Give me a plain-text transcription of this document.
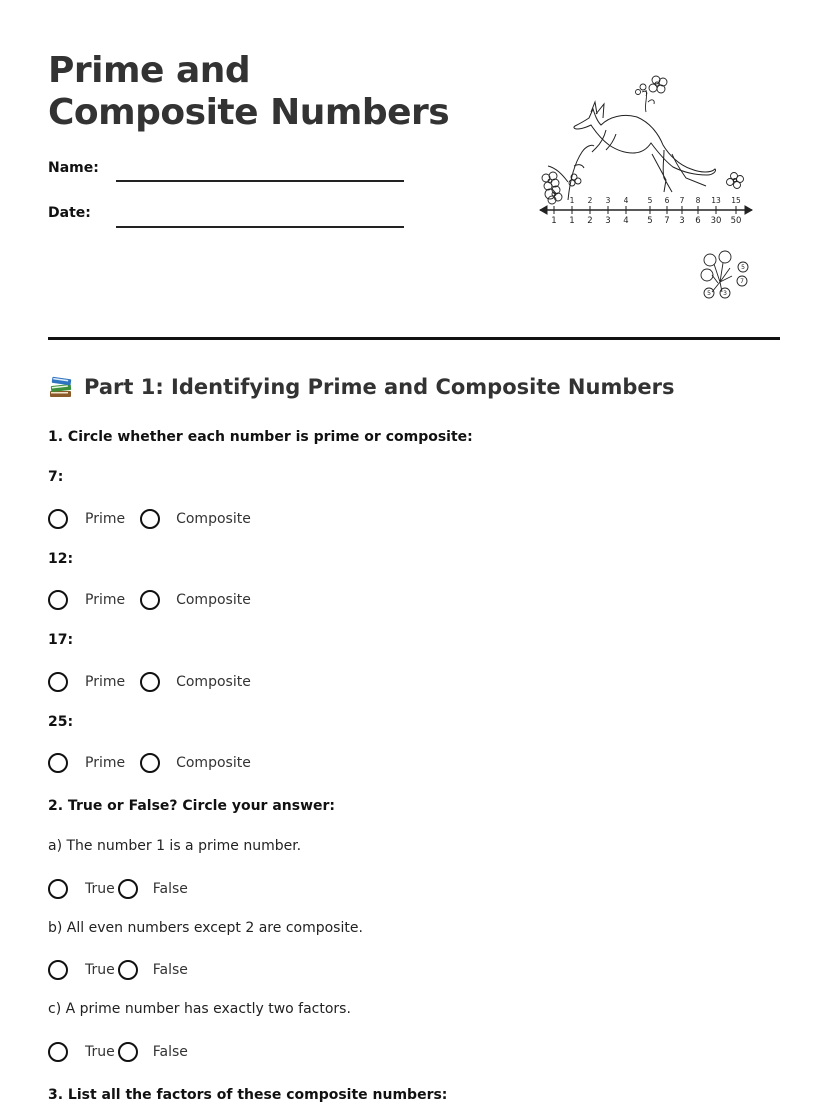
Prime and Composite Numbers
Name:
Date:
1 2 3 4	5 6 7 8 13 15
1 1 2 3 4 5 7 3 6 30 50
5
7
3
5
Part 1: Identifying Prime and Composite Numbers
1. Circle whether each number is prime or composite:
7:
Prime	Composite
12:
Prime	Composite
17:
Prime	Composite
25:
Prime	Composite
2. True or False? Circle your answer:
a) The number 1 is a prime number.
True	False
b) All even numbers except 2 are composite.
True	False
c) A prime number has exactly two factors.
True	False
3. List all the factors of these composite numbers:
